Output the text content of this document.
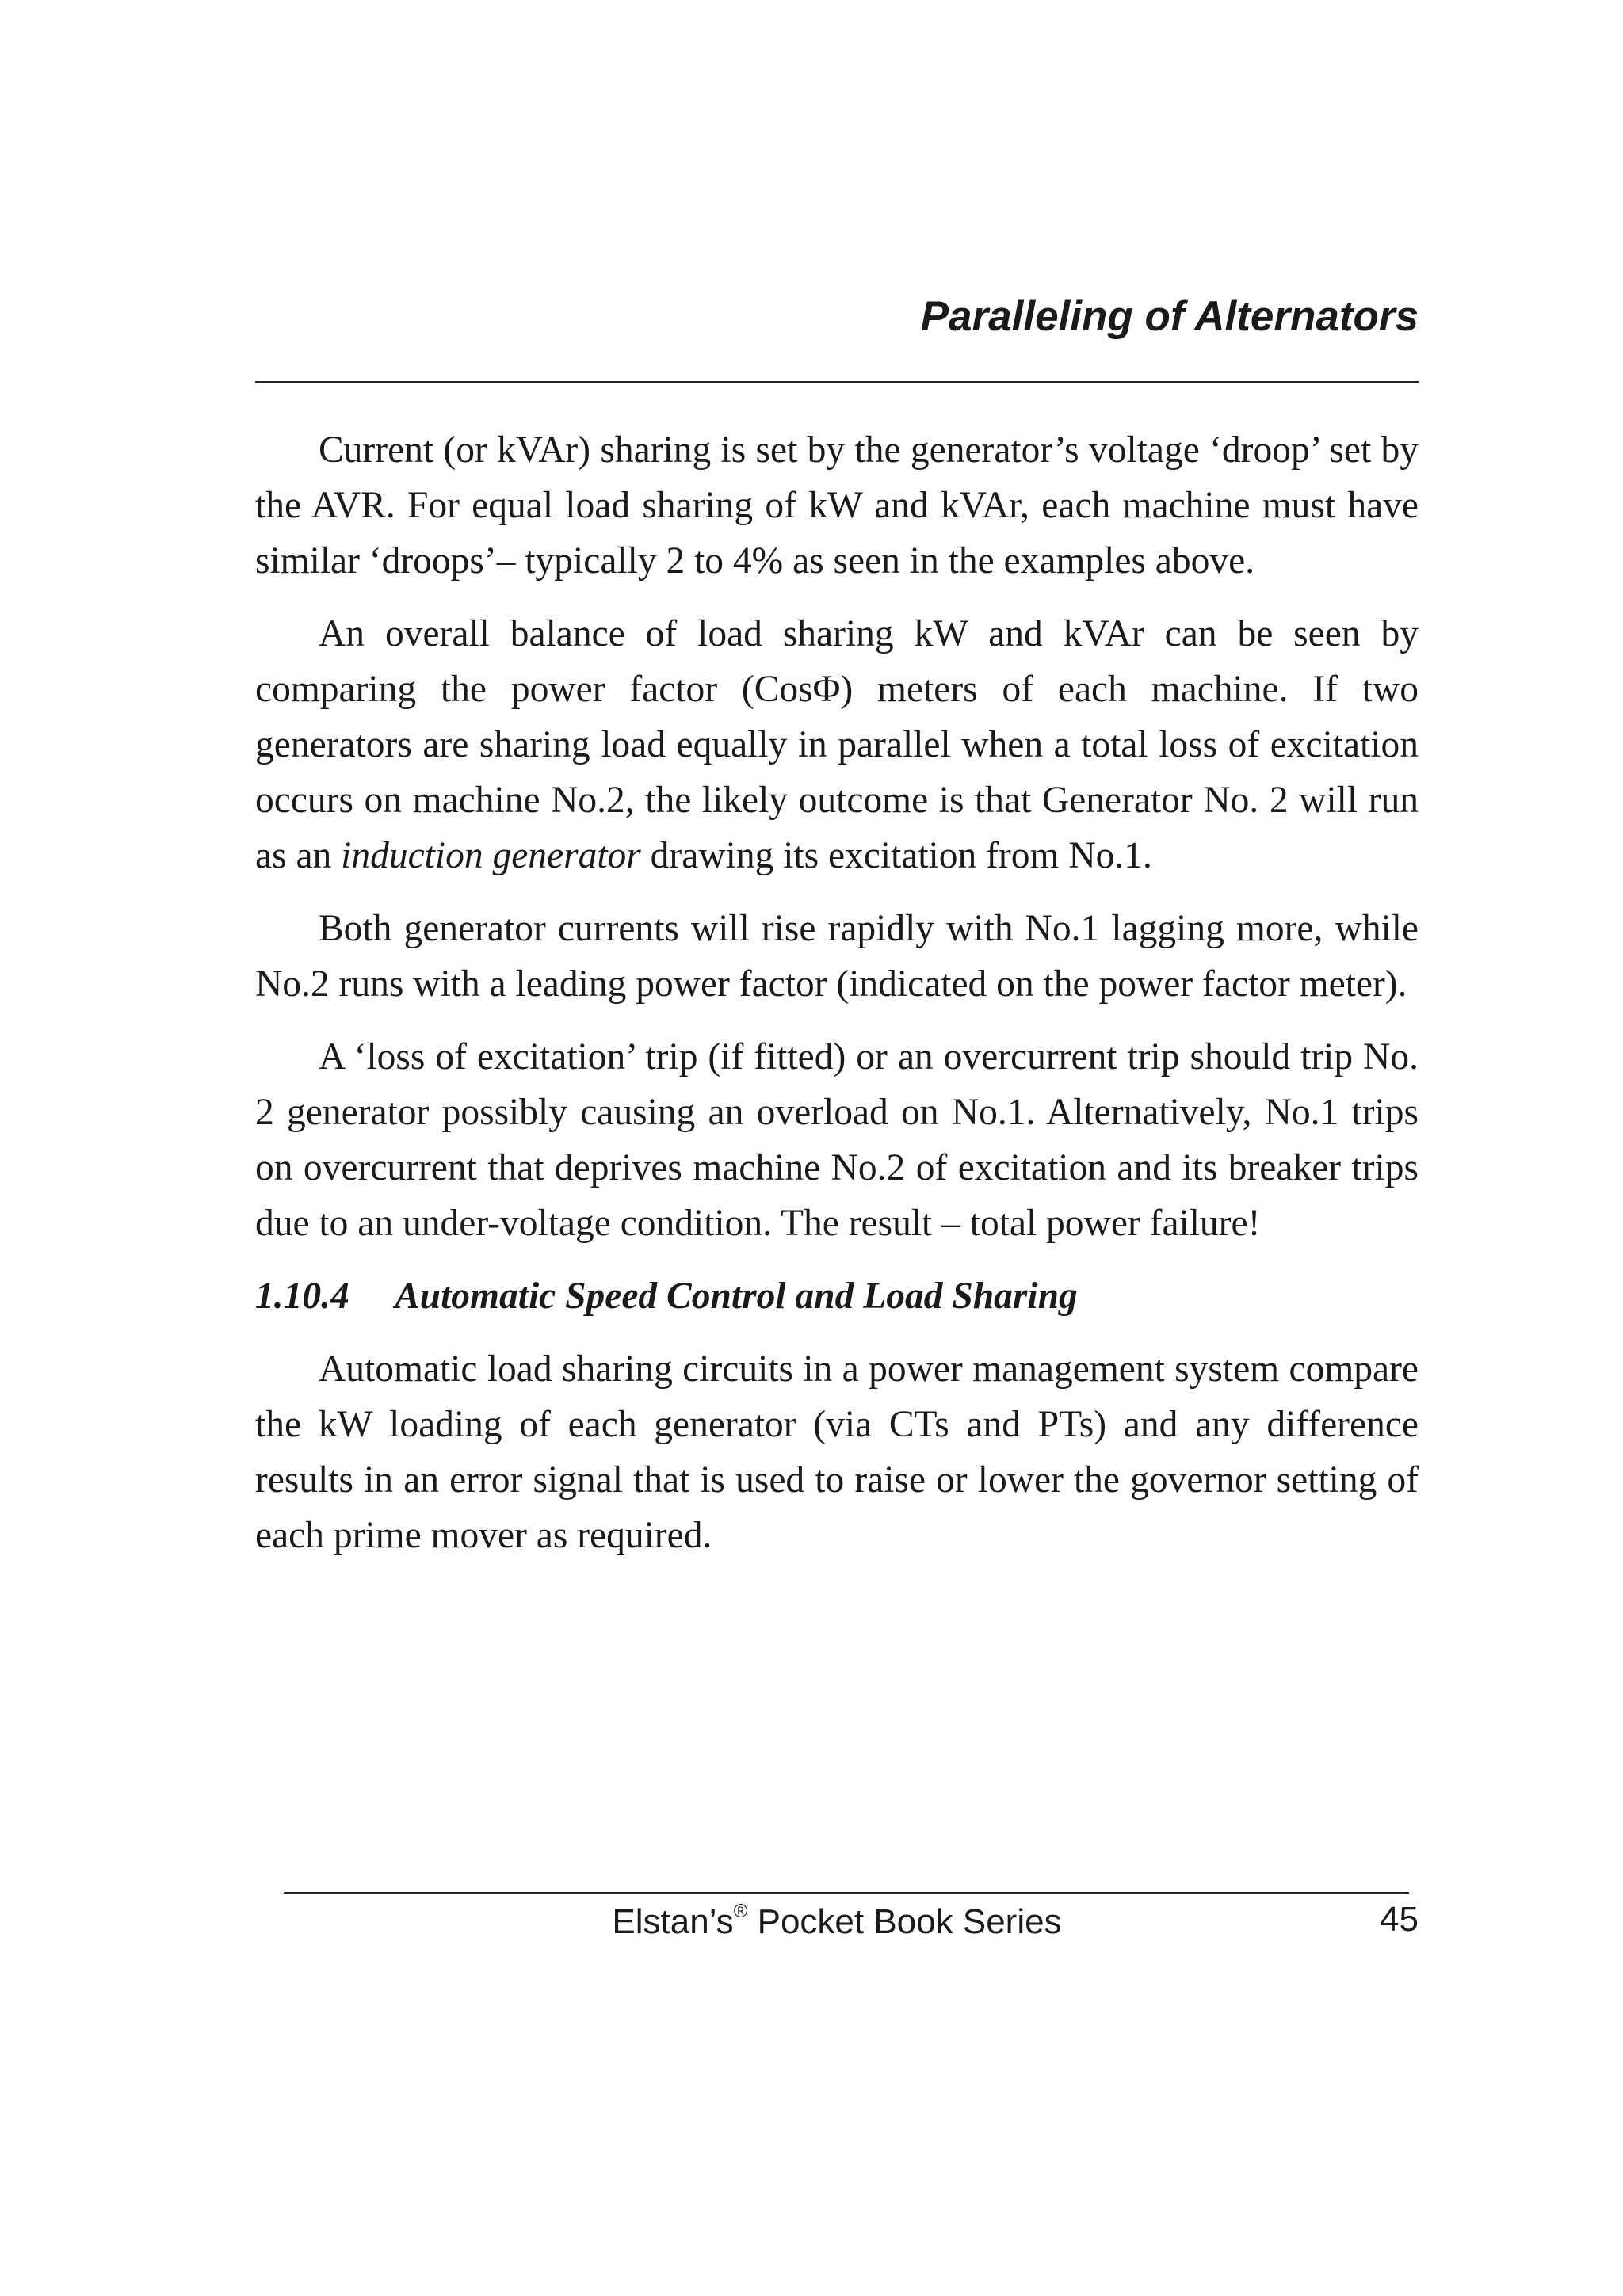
Paralleling of Alternators

Current (or kVAr) sharing is set by the generator’s voltage ‘droop’ set by the AVR. For equal load sharing of kW and kVAr, each machine must have similar ‘droops’– typically 2 to 4% as seen in the examples above.

An overall balance of load sharing kW and kVAr can be seen by comparing the power factor (CosΦ) meters of each machine. If two generators are sharing load equally in parallel when a total loss of excitation occurs on machine No.2, the likely outcome is that Generator No. 2 will run as an induction generator drawing its excitation from No.1.

Both generator currents will rise rapidly with No.1 lagging more, while No.2 runs with a leading power factor (indicated on the power factor meter).

A ‘loss of excitation’ trip (if fitted) or an overcurrent trip should trip No. 2 generator possibly causing an overload on No.1. Alternatively, No.1 trips on overcurrent that deprives machine No.2 of excitation and its breaker trips due to an under-voltage condition. The result – total power failure!

1.10.4 Automatic Speed Control and Load Sharing

Automatic load sharing circuits in a power management system compare the kW loading of each generator (via CTs and PTs) and any difference results in an error signal that is used to raise or lower the governor setting of each prime mover as required.

Elstan’s® Pocket Book Series	45
